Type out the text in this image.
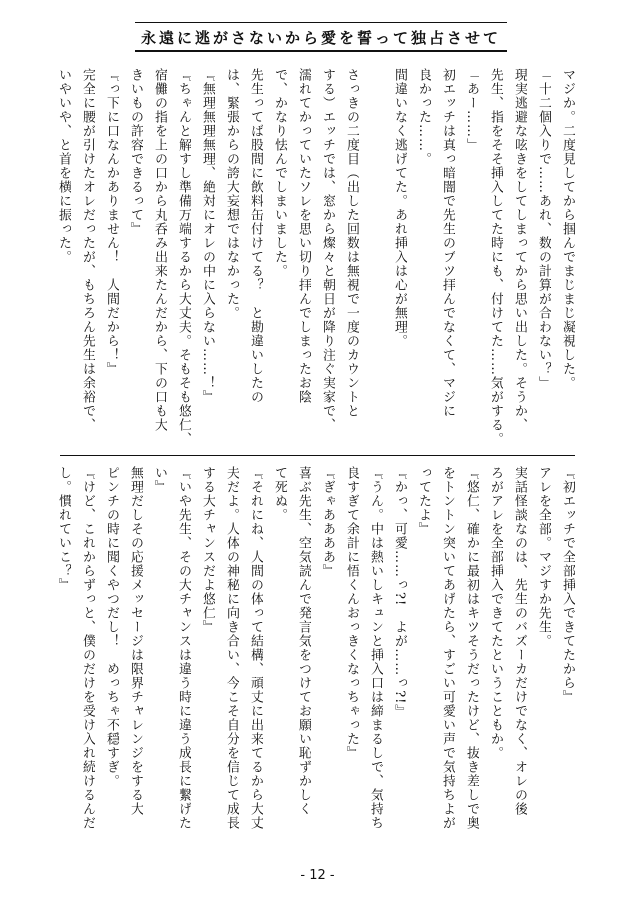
永遠に逃がさないから愛を誓って独占させて
マジか。二度見してから掴んでまじまじ凝視した。
「十二個入りで……あれ、数の計算が合わない？」
現実逃避な呟きをしてしまってから思い出した。そうか、
先生、指をそそ挿入してた時にも、付けてた……気がする。
「あー……」
初エッチは真っ暗闇で先生のブツ拝んでなくて、マジに
良かった……。
間違いなく逃げてた。あれ挿入は心が無理。
さっきの二度目（出した回数は無視で一度のカウントと
する）エッチでは、窓から燦々と朝日が降り注ぐ実家で、
濡れてかっていたソレを思い切り拝んでしまったお陰
で、かなり怯んでしまいました。
先生ってば股間に飲料缶付けてる？　と勘違いしたの
は、緊張からの誇大妄想ではなかった。
『無理無理無理、絶対にオレの中に入らない……！』
『ちゃんと解すし準備万端するから大丈夫。そもそも悠仁、
宿儺の指を上の口から丸呑み出来たんだから、下の口も大
きいもの許容できるって』
『っ下に口なんかありません！　人間だから！』
完全に腰が引けたオレだったが、もちろん先生は余裕で、
いやいや、と首を横に振った。
『初エッチで全部挿入できてたから』
アレを全部。マジすか先生。
実話怪談なのは、先生のバズーカだけでなく、オレの後
ろがアレを全部挿入できてたということもか。
『悠仁、確かに最初はキツそうだったけど、抜き差しで奥
をトントン突いてあげたら、すごい可愛い声で気持ちよが
ってたよ』
『かっ、可愛……っ?!　よが……っ?!』
『うん。中は熱いしキュンと挿入口は締まるしで、気持ち
良すぎて余計に悟くんおっきくなっちゃった』
『ぎゃああああ』
喜ぶ先生、空気読んで発言気をつけてお願い恥ずかしく
て死ぬ。
『それにね、人間の体って結構、頑丈に出来てるから大丈
夫だよ。人体の神秘に向き合い、今こそ自分を信じて成長
する大チャンスだよ悠仁』
『いや先生、その大チャンスは違う時に違う成長に繋げた
い』
無理だしその応援メッセージは限界チャレンジをする大
ピンチの時に聞くやつだし！　めっちゃ不穏すぎ。
『けど、これからずっと、僕のだけを受け入れ続けるんだ
し。慣れていこ？』
- 12 -
